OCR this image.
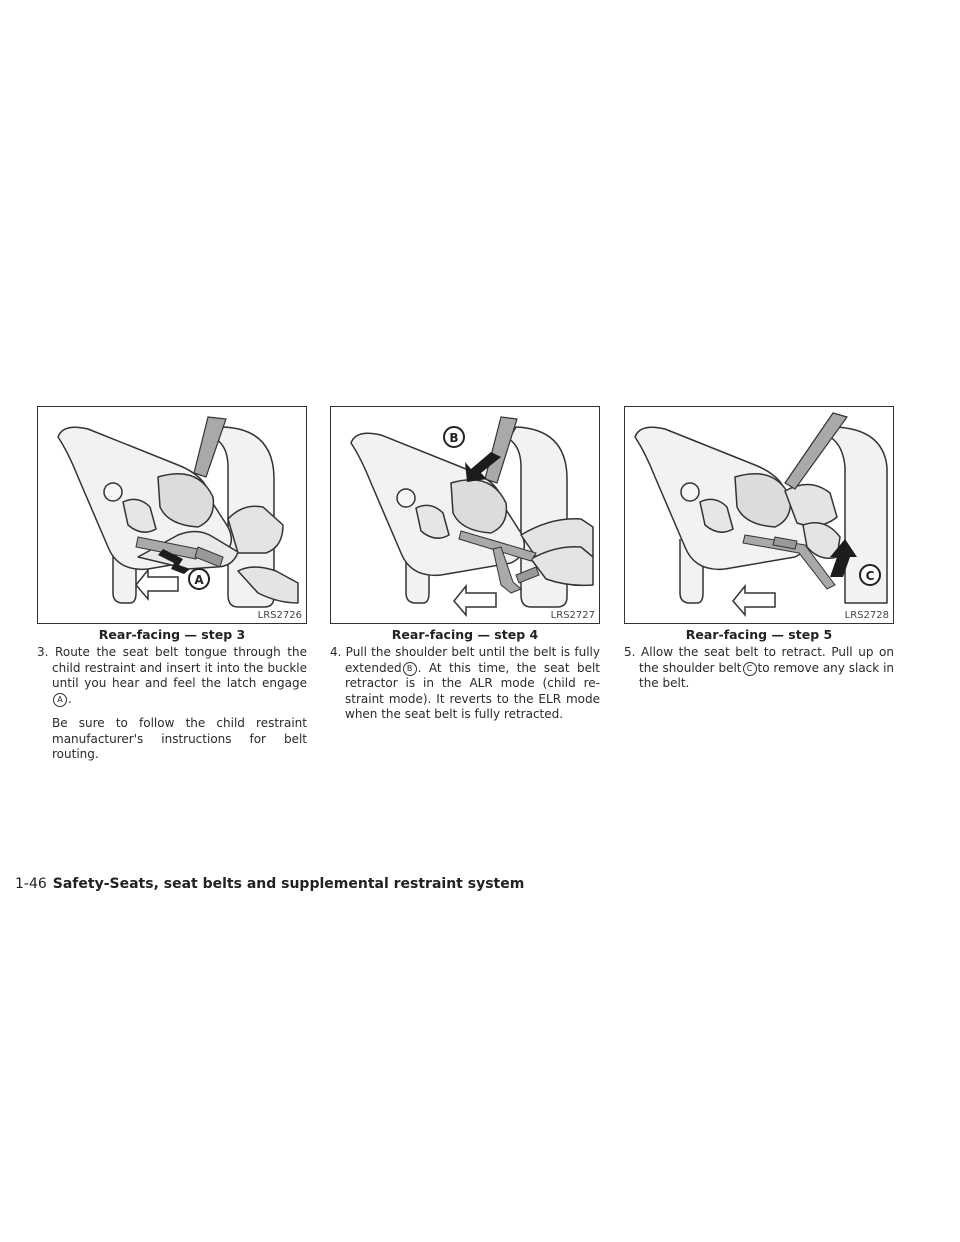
A
LRS2726
Rear-facing — step 3
3. Route the seat belt tongue through the child restraint and insert it into the buckle until you hear and feel the latch engageA .
Be sure to follow the child restraint manufacturer's instructions for belt routing.
B
LRS2727
Rear-facing — step 4
4. Pull the shoulder belt until the belt is fully extended B . At this time, the seat belt retractor is in the ALR mode (child re-straint mode). It reverts to the ELR mode when the seat belt is fully retracted.
C
LRS2728
Rear-facing — step 5
5. Allow the seat belt to retract. Pull up on the shoulder belt C to remove any slack in the belt.
1-46 Safety-Seats, seat belts and supplemental restraint system
